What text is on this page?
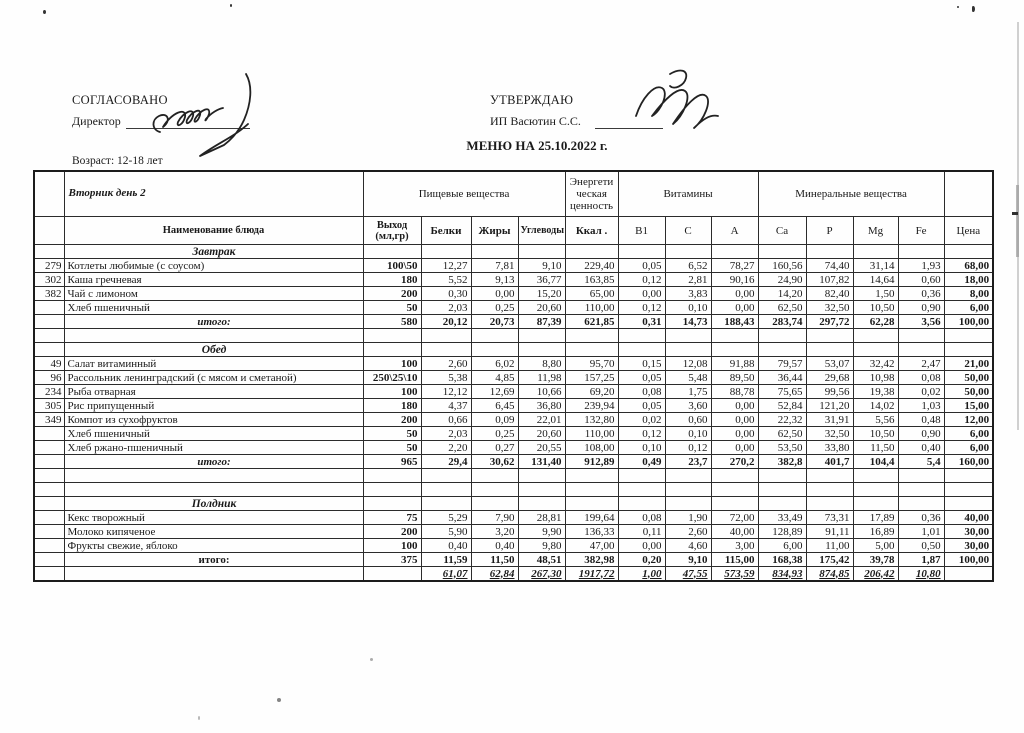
СОГЛАСОВАНО
Директор
УТВЕРЖДАЮ
ИП Васютин С.С.
МЕНЮ НА 25.10.2022 г.
Возраст: 12-18 лет
	Вторник день 2	Пищевые вещества				Энергетическая ценность	Витамины			Минеральные вещества				
	Наименование блюда	Выход
(мл,гр)	Белки	Жиры	Углеводы	Ккал .	В1	С	А	Са	Р	Mg	Fe	Цена
	Завтрак													
279	Котлеты любимые (с соусом)	100\50	12,27	7,81	9,10	229,40	0,05	6,52	78,27	160,56	74,40	31,14	1,93	68,00
302	Каша гречневая	180	5,52	9,13	36,77	163,85	0,12	2,81	90,16	24,90	107,82	14,64	0,60	18,00
382	Чай с лимоном	200	0,30	0,00	15,20	65,00	0,00	3,83	0,00	14,20	82,40	1,50	0,36	8,00
	Хлеб пшеничный	50	2,03	0,25	20,60	110,00	0,12	0,10	0,00	62,50	32,50	10,50	0,90	6,00
	итого:	580	20,12	20,73	87,39	621,85	0,31	14,73	188,43	283,74	297,72	62,28	3,56	100,00

	Обед													
49	Салат витаминный	100	2,60	6,02	8,80	95,70	0,15	12,08	91,88	79,57	53,07	32,42	2,47	21,00
96	Рассольник ленинградский (с мясом и сметаной)	250\25\10	5,38	4,85	11,98	157,25	0,05	5,48	89,50	36,44	29,68	10,98	0,08	50,00
234	Рыба отварная	100	12,12	12,69	10,66	69,20	0,08	1,75	88,78	75,65	99,56	19,38	0,02	50,00
305	Рис припущенный	180	4,37	6,45	36,80	239,94	0,05	3,60	0,00	52,84	121,20	14,02	1,03	15,00
349	Компот из сухофруктов	200	0,66	0,09	22,01	132,80	0,02	0,60	0,00	22,32	31,91	5,56	0,48	12,00
	Хлеб пшеничный	50	2,03	0,25	20,60	110,00	0,12	0,10	0,00	62,50	32,50	10,50	0,90	6,00
	Хлеб ржано-пшеничный	50	2,20	0,27	20,55	108,00	0,10	0,12	0,00	53,50	33,80	11,50	0,40	6,00
	итого:	965	29,4	30,62	131,40	912,89	0,49	23,7	270,2	382,8	401,7	104,4	5,4	160,00

	Полдник													
	Кекс творожный	75	5,29	7,90	28,81	199,64	0,08	1,90	72,00	33,49	73,31	17,89	0,36	40,00
	Молоко кипяченое	200	5,90	3,20	9,90	136,33	0,11	2,60	40,00	128,89	91,11	16,89	1,01	30,00
	Фрукты свежие, яблоко	100	0,40	0,40	9,80	47,00	0,00	4,60	3,00	6,00	11,00	5,00	0,50	30,00
	итого:	375	11,59	11,50	48,51	382,98	0,20	9,10	115,00	168,38	175,42	39,78	1,87	100,00
			61,07	62,84	267,30	1917,72	1,00	47,55	573,59	834,93	874,85	206,42	10,80	
